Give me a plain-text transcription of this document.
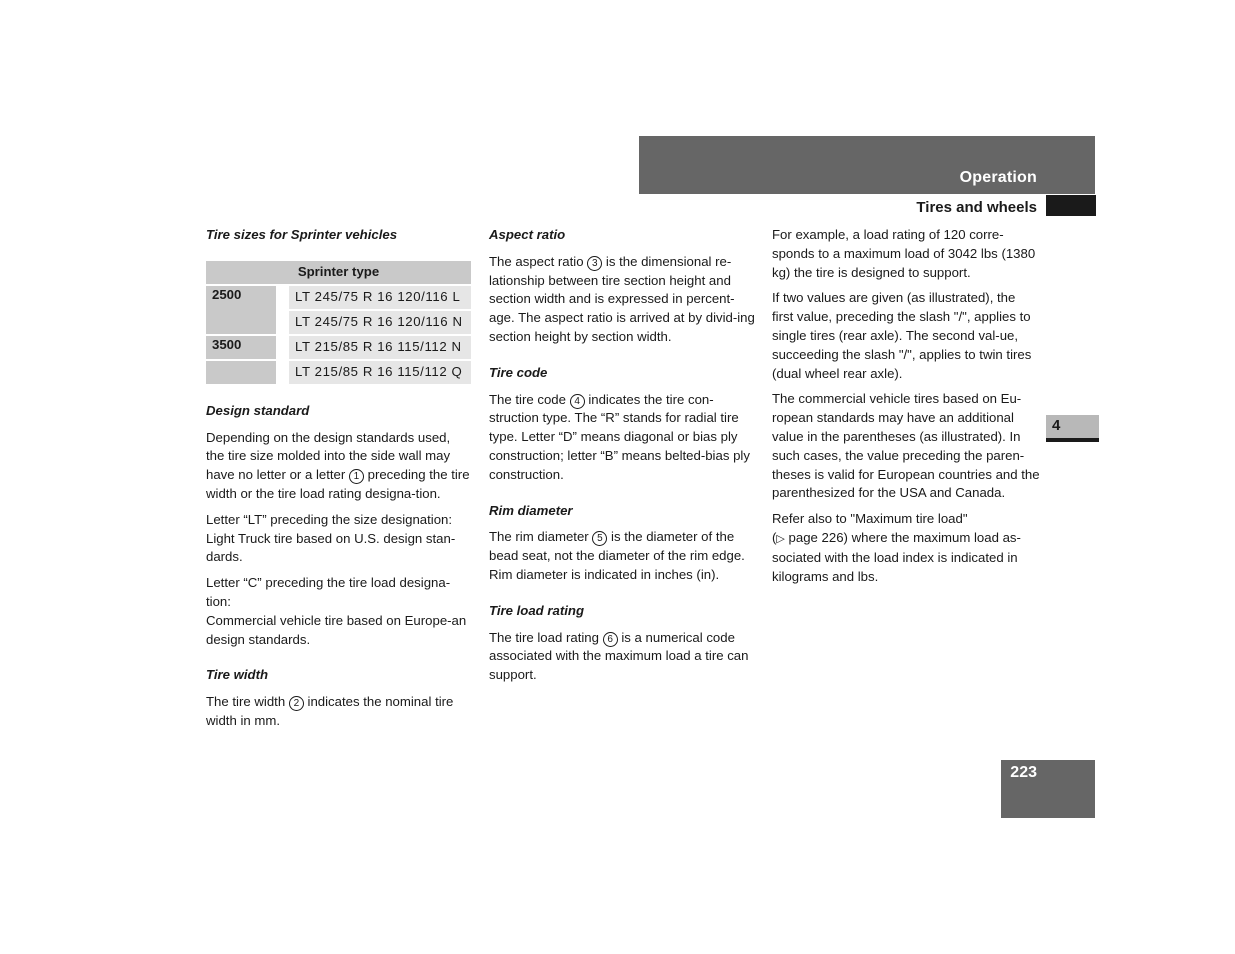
Operation
Tires and wheels
4
223
Tire sizes for Sprinter vehicles
Sprinter type		
2500		LT 245/75 R 16 120/116 L
		LT 245/75 R 16 120/116 N
3500		LT 215/85 R 16 115/112 N
		LT 215/85 R 16 115/112 Q
Design standard

Depending on the design standards used, the tire size molded into the side wall may have no letter or a letter 1 preceding the tire width or the tire load rating designa-tion.

Letter “LT” preceding the size designation: Light Truck tire based on U.S. design stan-dards.

Letter “C” preceding the tire load designa-tion:
Commercial vehicle tire based on Europe-an design standards.

Tire width

The tire width 2 indicates the nominal tire width in mm.

Aspect ratio

The aspect ratio 3 is the dimensional re-lationship between tire section height and section width and is expressed in percent-age. The aspect ratio is arrived at by divid-ing section height by section width.

Tire code

The tire code 4 indicates the tire con-struction type. The “R” stands for radial tire type. Letter “D” means diagonal or bias ply construction; letter “B” means belted-bias ply construction.

Rim diameter

The rim diameter 5 is the diameter of the bead seat, not the diameter of the rim edge. Rim diameter is indicated in inches (in).

Tire load rating

The tire load rating 6 is a numerical code associated with the maximum load a tire can support.

For example, a load rating of 120 corre-sponds to a maximum load of 3042 lbs (1380 kg) the tire is designed to support.

If two values are given (as illustrated), the first value, preceding the slash "/", applies to single tires (rear axle). The second val-ue, succeeding the slash "/", applies to twin tires (dual wheel rear axle).

The commercial vehicle tires based on Eu-ropean standards may have an additional value in the parentheses (as illustrated). In such cases, the value preceding the paren-theses is valid for European countries and the parenthesized for the USA and Canada.

Refer also to "Maximum tire load"
(▷ page 226) where the maximum load as-sociated with the load index is indicated in kilograms and lbs.
